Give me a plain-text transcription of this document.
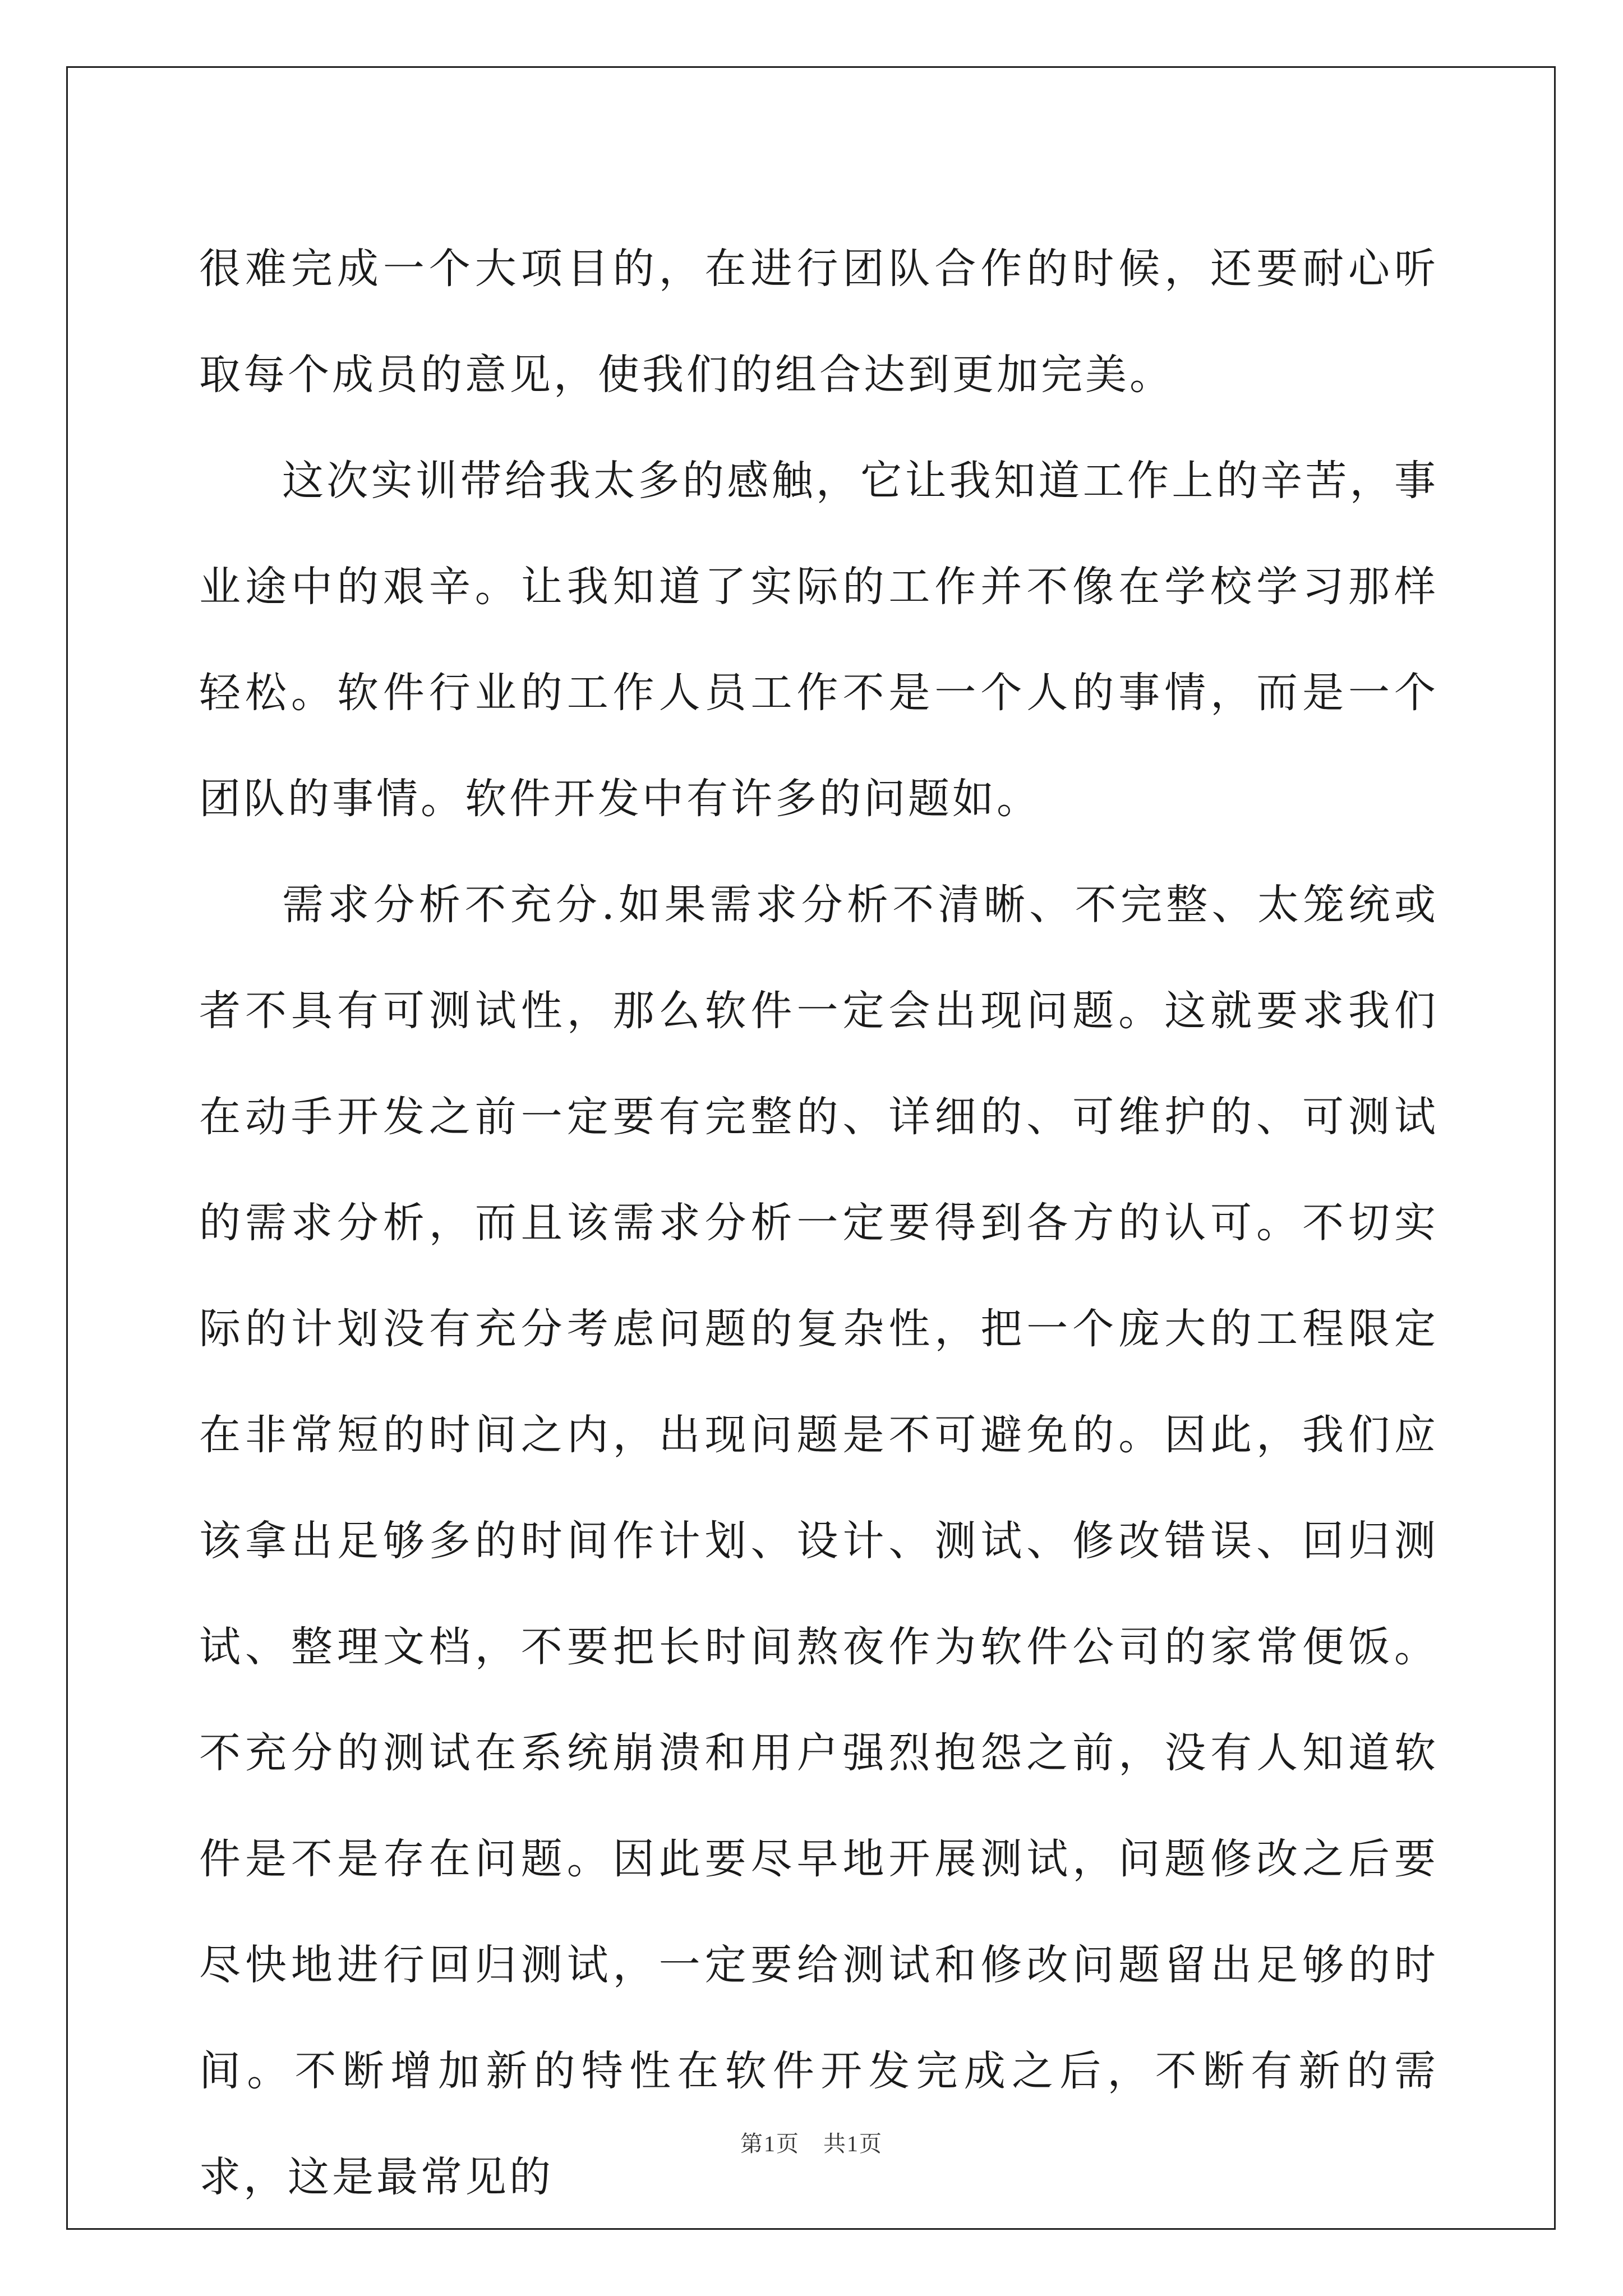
很难完成一个大项目的，在进行团队合作的时候，还要耐心听取每个成员的意见，使我们的组合达到更加完美。

这次实训带给我太多的感触，它让我知道工作上的辛苦，事业途中的艰辛。让我知道了实际的工作并不像在学校学习那样轻松。软件行业的工作人员工作不是一个人的事情，而是一个团队的事情。软件开发中有许多的问题如。

需求分析不充分.如果需求分析不清晰、不完整、太笼统或者不具有可测试性，那么软件一定会出现问题。这就要求我们在动手开发之前一定要有完整的、详细的、可维护的、可测试的需求分析，而且该需求分析一定要得到各方的认可。不切实际的计划没有充分考虑问题的复杂性，把一个庞大的工程限定在非常短的时间之内，出现问题是不可避免的。因此，我们应该拿出足够多的时间作计划、设计、测试、修改错误、回归测试、整理文档，不要把长时间熬夜作为软件公司的家常便饭。不充分的测试在系统崩溃和用户强烈抱怨之前，没有人知道软件是不是存在问题。因此要尽早地开展测试，问题修改之后要尽快地进行回归测试，一定要给测试和修改问题留出足够的时间。不断增加新的特性在软件开发完成之后，不断有新的需求，这是最常见的

第1页 共1页
